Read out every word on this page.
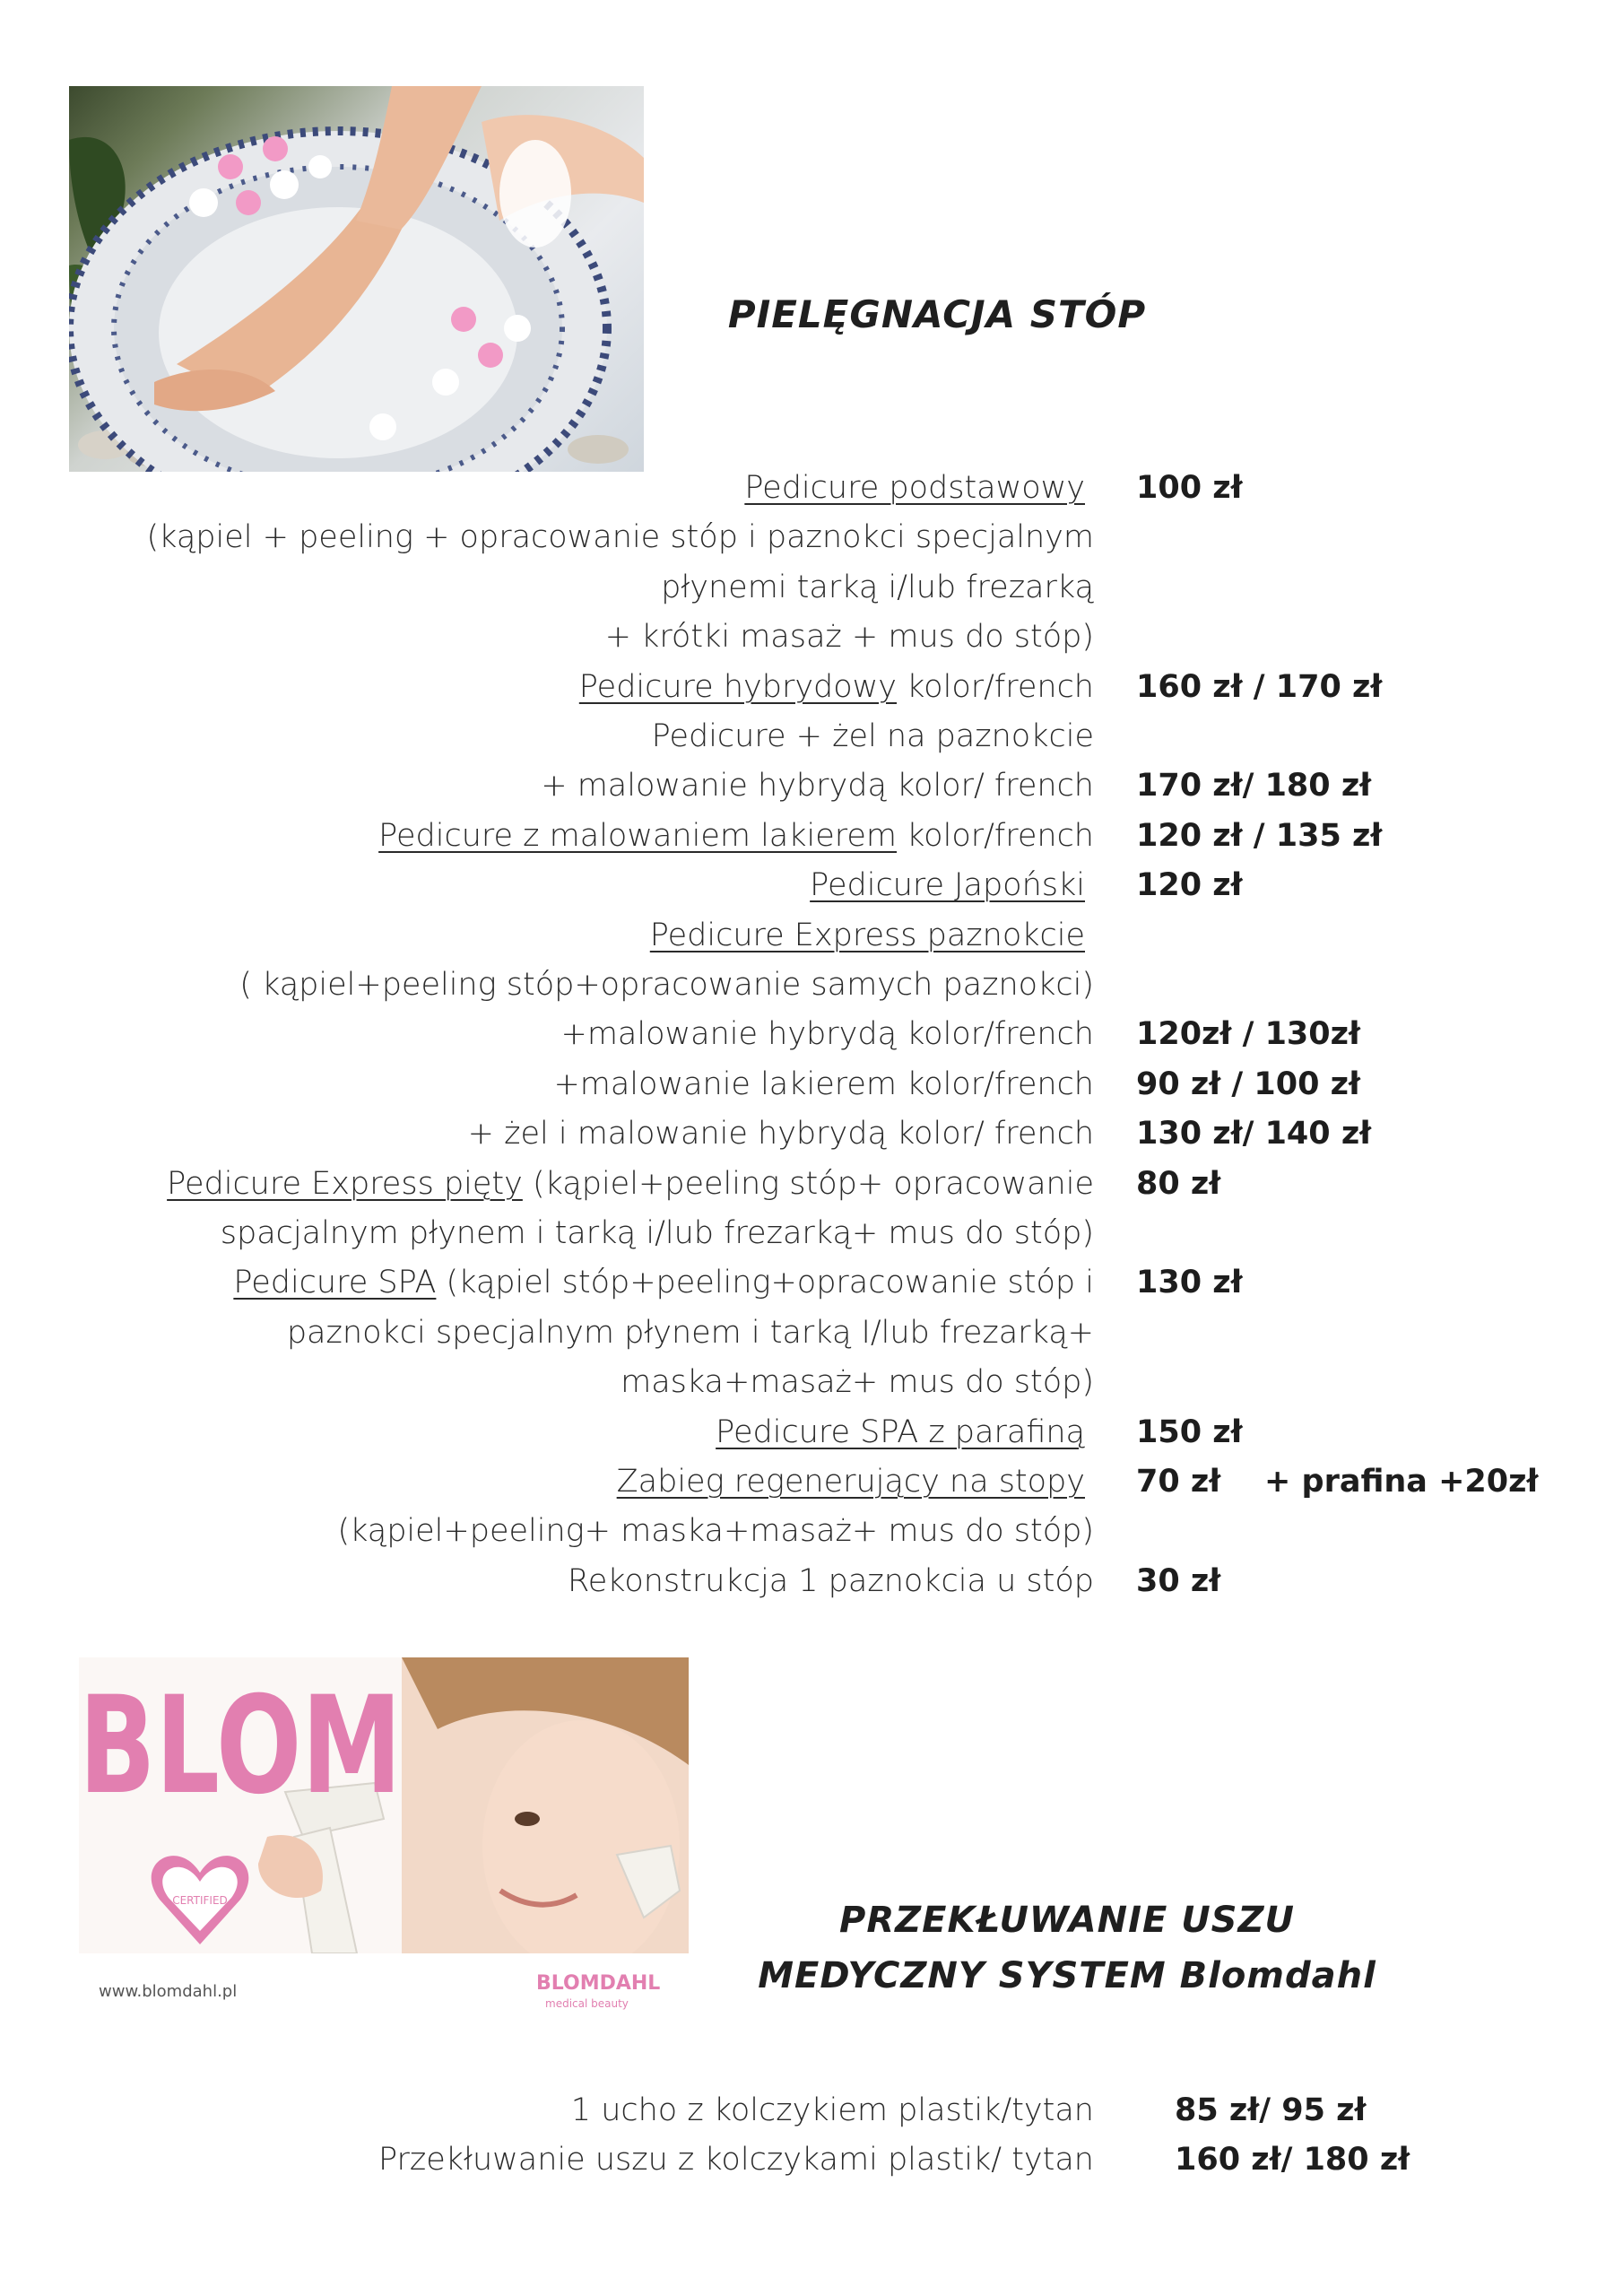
PIELĘGNACJA STÓP
Pedicure podstawowy 100 zł
(kąpiel + peeling + opracowanie stóp i paznokci specjalnym
płynemi tarką i/lub frezarką
+ krótki masaż + mus do stóp)
Pedicure hybrydowy kolor/french 160 zł / 170 zł
Pedicure + żel na paznokcie
+ malowanie hybrydą kolor/ french 170 zł/ 180 zł
Pedicure z malowaniem lakierem kolor/french 120 zł / 135 zł
Pedicure Japoński 120 zł
Pedicure Express paznokcie
( kąpiel+peeling stóp+opracowanie samych paznokci)
+malowanie hybrydą kolor/french 120zł / 130zł
+malowanie lakierem kolor/french 90 zł / 100 zł
+ żel i malowanie hybrydą kolor/ french 130 zł/ 140 zł
Pedicure Express pięty (kąpiel+peeling stóp+ opracowanie 80 zł
spacjalnym płynem i tarką i/lub frezarką+ mus do stóp)
Pedicure SPA (kąpiel stóp+peeling+opracowanie stóp i 130 zł
paznokci specjalnym płynem i tarką I/lub frezarką+
maska+masaż+ mus do stóp)
Pedicure SPA z parafiną 150 zł
Zabieg regenerujący na stopy 70 zł + prafina +20zł
(kąpiel+peeling+ maska+masaż+ mus do stóp)
Rekonstrukcja 1 paznokcia u stóp 30 zł
CERTIFIED
www.blomdahl.pl	BLOMDAHL
medical beauty
BLOM
PRZEKŁUWANIE USZU
MEDYCZNY SYSTEM Blomdahl
1 ucho z kolczykiem plastik/tytan	85 zł/ 95 zł
Przekłuwanie uszu z kolczykami plastik/ tytan	160 zł/ 180 zł
